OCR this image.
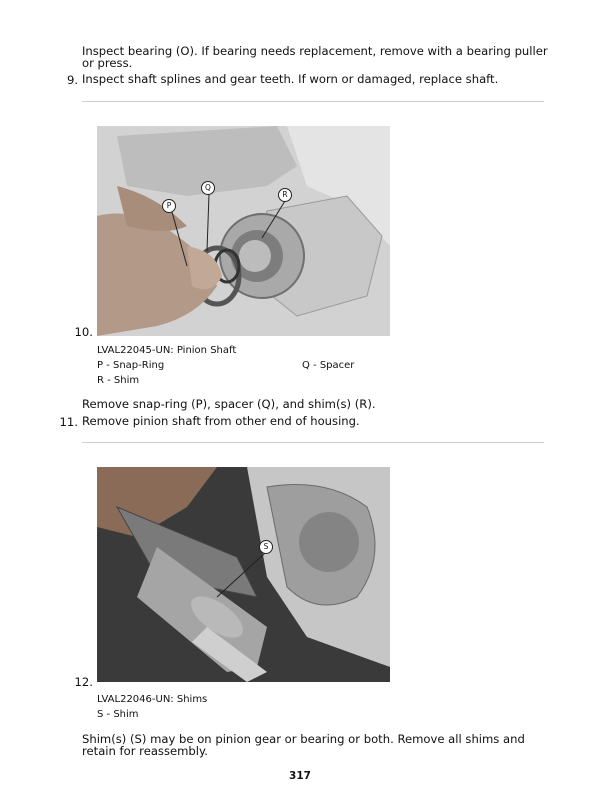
Inspect bearing (O). If bearing needs replacement, remove with a bearing puller
or press.
9. Inspect shaft splines and gear teeth. If worn or damaged, replace shaft.
10.
P
Q
R
LVAL22045-UN: Pinion Shaft
P - Snap-Ring	Q - Spacer
R - Shim
Remove snap-ring (P), spacer (Q), and shim(s) (R).
11. Remove pinion shaft from other end of housing.
12.
S
LVAL22046-UN: Shims
S - Shim
Shim(s) (S) may be on pinion gear or bearing or both. Remove all shims and
retain for reassembly.
317
